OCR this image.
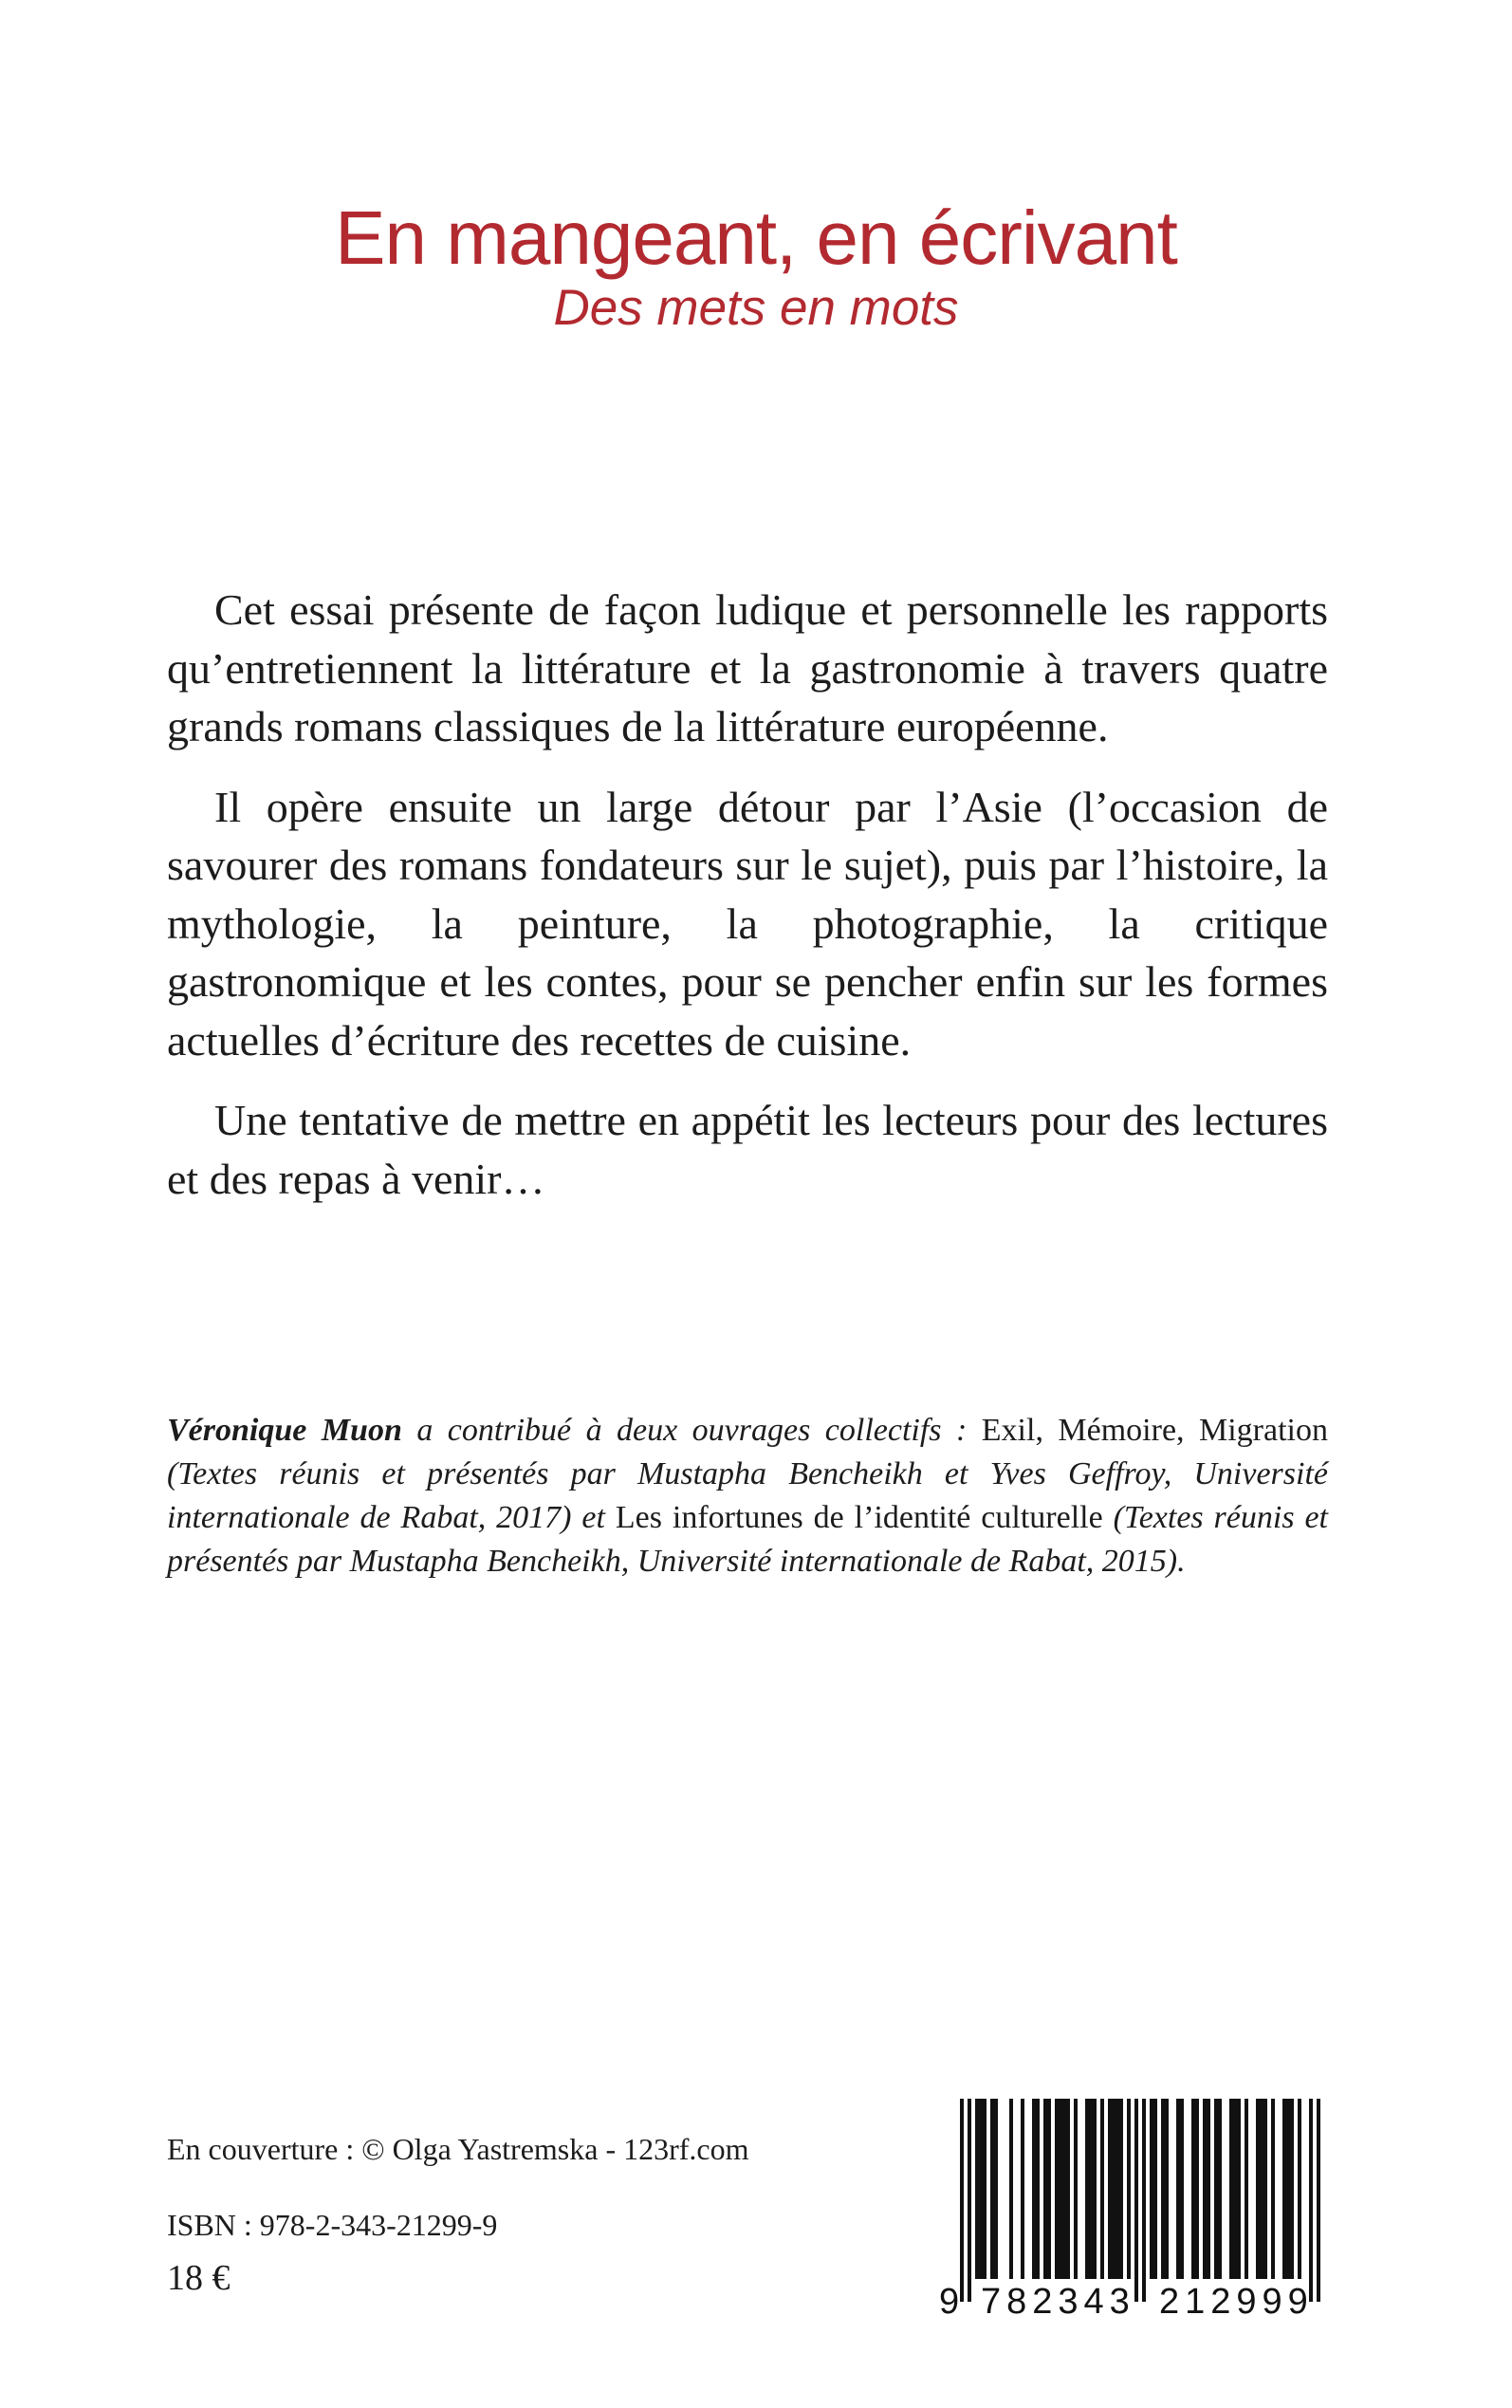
En mangeant, en écrivant
Des mets en mots

Cet essai présente de façon ludique et personnelle les rapports qu’entretiennent la littérature et la gastronomie à travers quatre grands romans classiques de la littérature européenne.

Il opère ensuite un large détour par l’Asie (l’occasion de savourer des romans fondateurs sur le sujet), puis par l’histoire, la mythologie, la peinture, la photographie, la critique gastronomique et les contes, pour se pencher enfin sur les formes actuelles d’écriture des recettes de cuisine.

Une tentative de mettre en appétit les lecteurs pour des lectures et des repas à venir…

Véronique Muon a contribué à deux ouvrages collectifs : Exil, Mémoire, Migration (Textes réunis et présentés par Mustapha Bencheikh et Yves Geffroy, Université internationale de Rabat, 2017) et Les infortunes de l’identité culturelle (Textes réunis et présentés par Mustapha Bencheikh, Université internationale de Rabat, 2015).
En couverture : © Olga Yastremska - 123rf.com
ISBN : 978-2-343-21299-9
18 €
9 782343 212999
